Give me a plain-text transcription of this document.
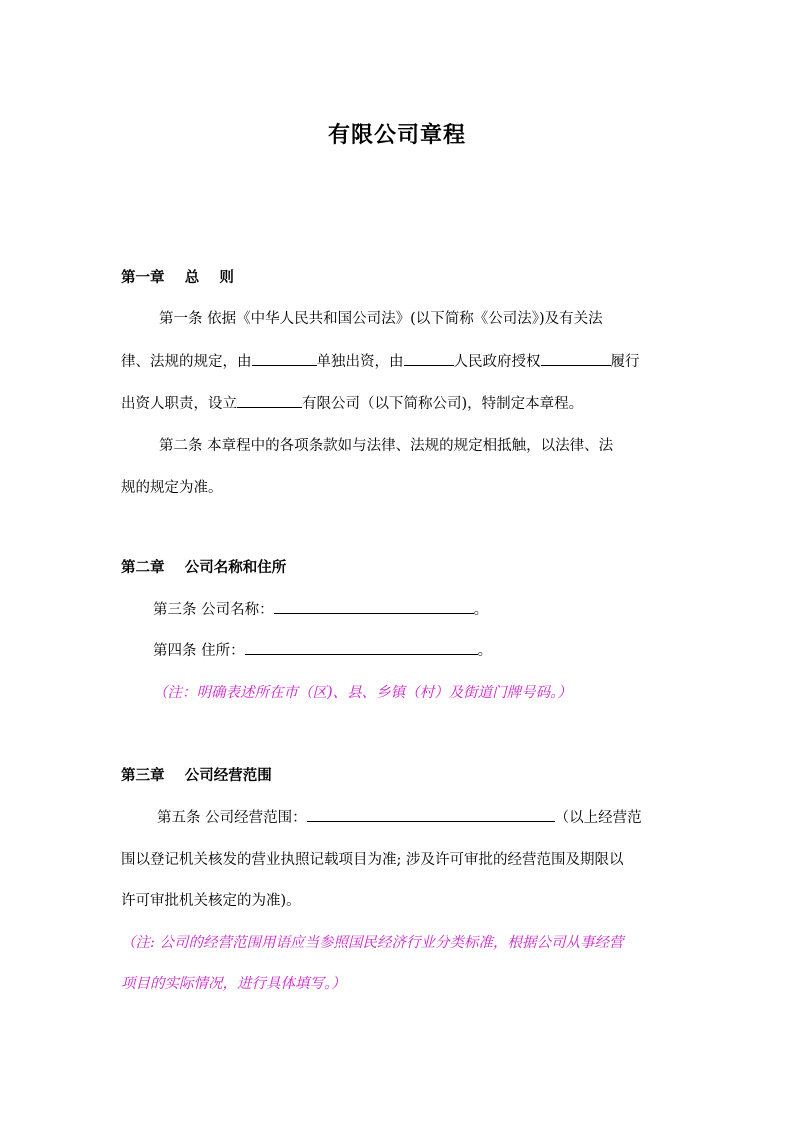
有限公司章程

第一章    总    则

第一条 依据《中华人民共和国公司法》(以下简称《公司法》)及有关法

律、法规的规定，由	单独出资，由	人民政府授权	履行

出资人职责，设立	有限公司（以下简称公司)，特制定本章程。

第二条 本章程中的各项条款如与法律、法规的规定相抵触，以法律、法

规的规定为准。

第二章    公司名称和住所

第三条 公司名称：	。

第四条 住所：	。

（注：明确表述所在市（区)、县、乡镇（村）及街道门牌号码。）

第三章    公司经营范围

第五条 公司经营范围：	（以上经营范

围以登记机关核发的营业执照记载项目为准; 涉及许可审批的经营范围及期限以

许可审批机关核定的为准)。

（注: 公司的经营范围用语应当参照国民经济行业分类标准，根据公司从事经营

项目的实际情况，进行具体填写。）
